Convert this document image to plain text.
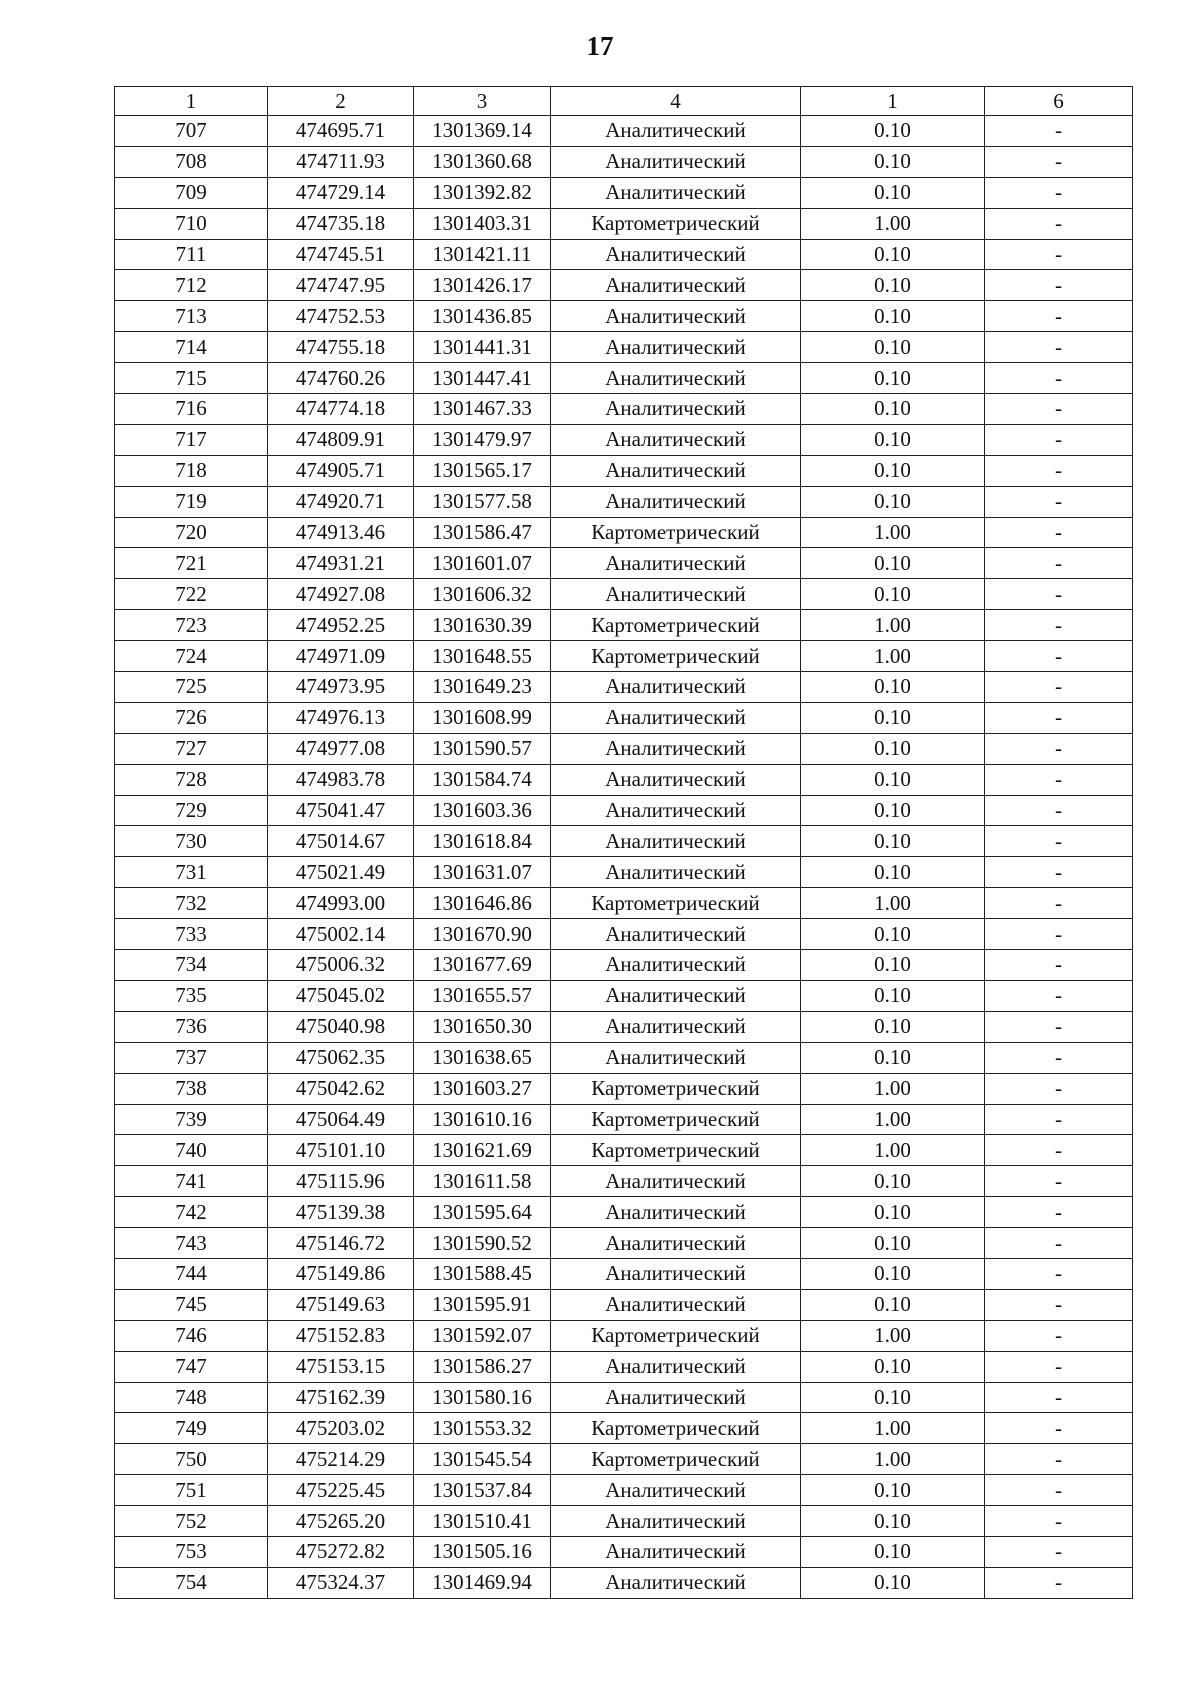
17
1	2	3	4	1	6
707	474695.71	1301369.14	Аналитический	0.10	-
708	474711.93	1301360.68	Аналитический	0.10	-
709	474729.14	1301392.82	Аналитический	0.10	-
710	474735.18	1301403.31	Картометрический	1.00	-
711	474745.51	1301421.11	Аналитический	0.10	-
712	474747.95	1301426.17	Аналитический	0.10	-
713	474752.53	1301436.85	Аналитический	0.10	-
714	474755.18	1301441.31	Аналитический	0.10	-
715	474760.26	1301447.41	Аналитический	0.10	-
716	474774.18	1301467.33	Аналитический	0.10	-
717	474809.91	1301479.97	Аналитический	0.10	-
718	474905.71	1301565.17	Аналитический	0.10	-
719	474920.71	1301577.58	Аналитический	0.10	-
720	474913.46	1301586.47	Картометрический	1.00	-
721	474931.21	1301601.07	Аналитический	0.10	-
722	474927.08	1301606.32	Аналитический	0.10	-
723	474952.25	1301630.39	Картометрический	1.00	-
724	474971.09	1301648.55	Картометрический	1.00	-
725	474973.95	1301649.23	Аналитический	0.10	-
726	474976.13	1301608.99	Аналитический	0.10	-
727	474977.08	1301590.57	Аналитический	0.10	-
728	474983.78	1301584.74	Аналитический	0.10	-
729	475041.47	1301603.36	Аналитический	0.10	-
730	475014.67	1301618.84	Аналитический	0.10	-
731	475021.49	1301631.07	Аналитический	0.10	-
732	474993.00	1301646.86	Картометрический	1.00	-
733	475002.14	1301670.90	Аналитический	0.10	-
734	475006.32	1301677.69	Аналитический	0.10	-
735	475045.02	1301655.57	Аналитический	0.10	-
736	475040.98	1301650.30	Аналитический	0.10	-
737	475062.35	1301638.65	Аналитический	0.10	-
738	475042.62	1301603.27	Картометрический	1.00	-
739	475064.49	1301610.16	Картометрический	1.00	-
740	475101.10	1301621.69	Картометрический	1.00	-
741	475115.96	1301611.58	Аналитический	0.10	-
742	475139.38	1301595.64	Аналитический	0.10	-
743	475146.72	1301590.52	Аналитический	0.10	-
744	475149.86	1301588.45	Аналитический	0.10	-
745	475149.63	1301595.91	Аналитический	0.10	-
746	475152.83	1301592.07	Картометрический	1.00	-
747	475153.15	1301586.27	Аналитический	0.10	-
748	475162.39	1301580.16	Аналитический	0.10	-
749	475203.02	1301553.32	Картометрический	1.00	-
750	475214.29	1301545.54	Картометрический	1.00	-
751	475225.45	1301537.84	Аналитический	0.10	-
752	475265.20	1301510.41	Аналитический	0.10	-
753	475272.82	1301505.16	Аналитический	0.10	-
754	475324.37	1301469.94	Аналитический	0.10	-
